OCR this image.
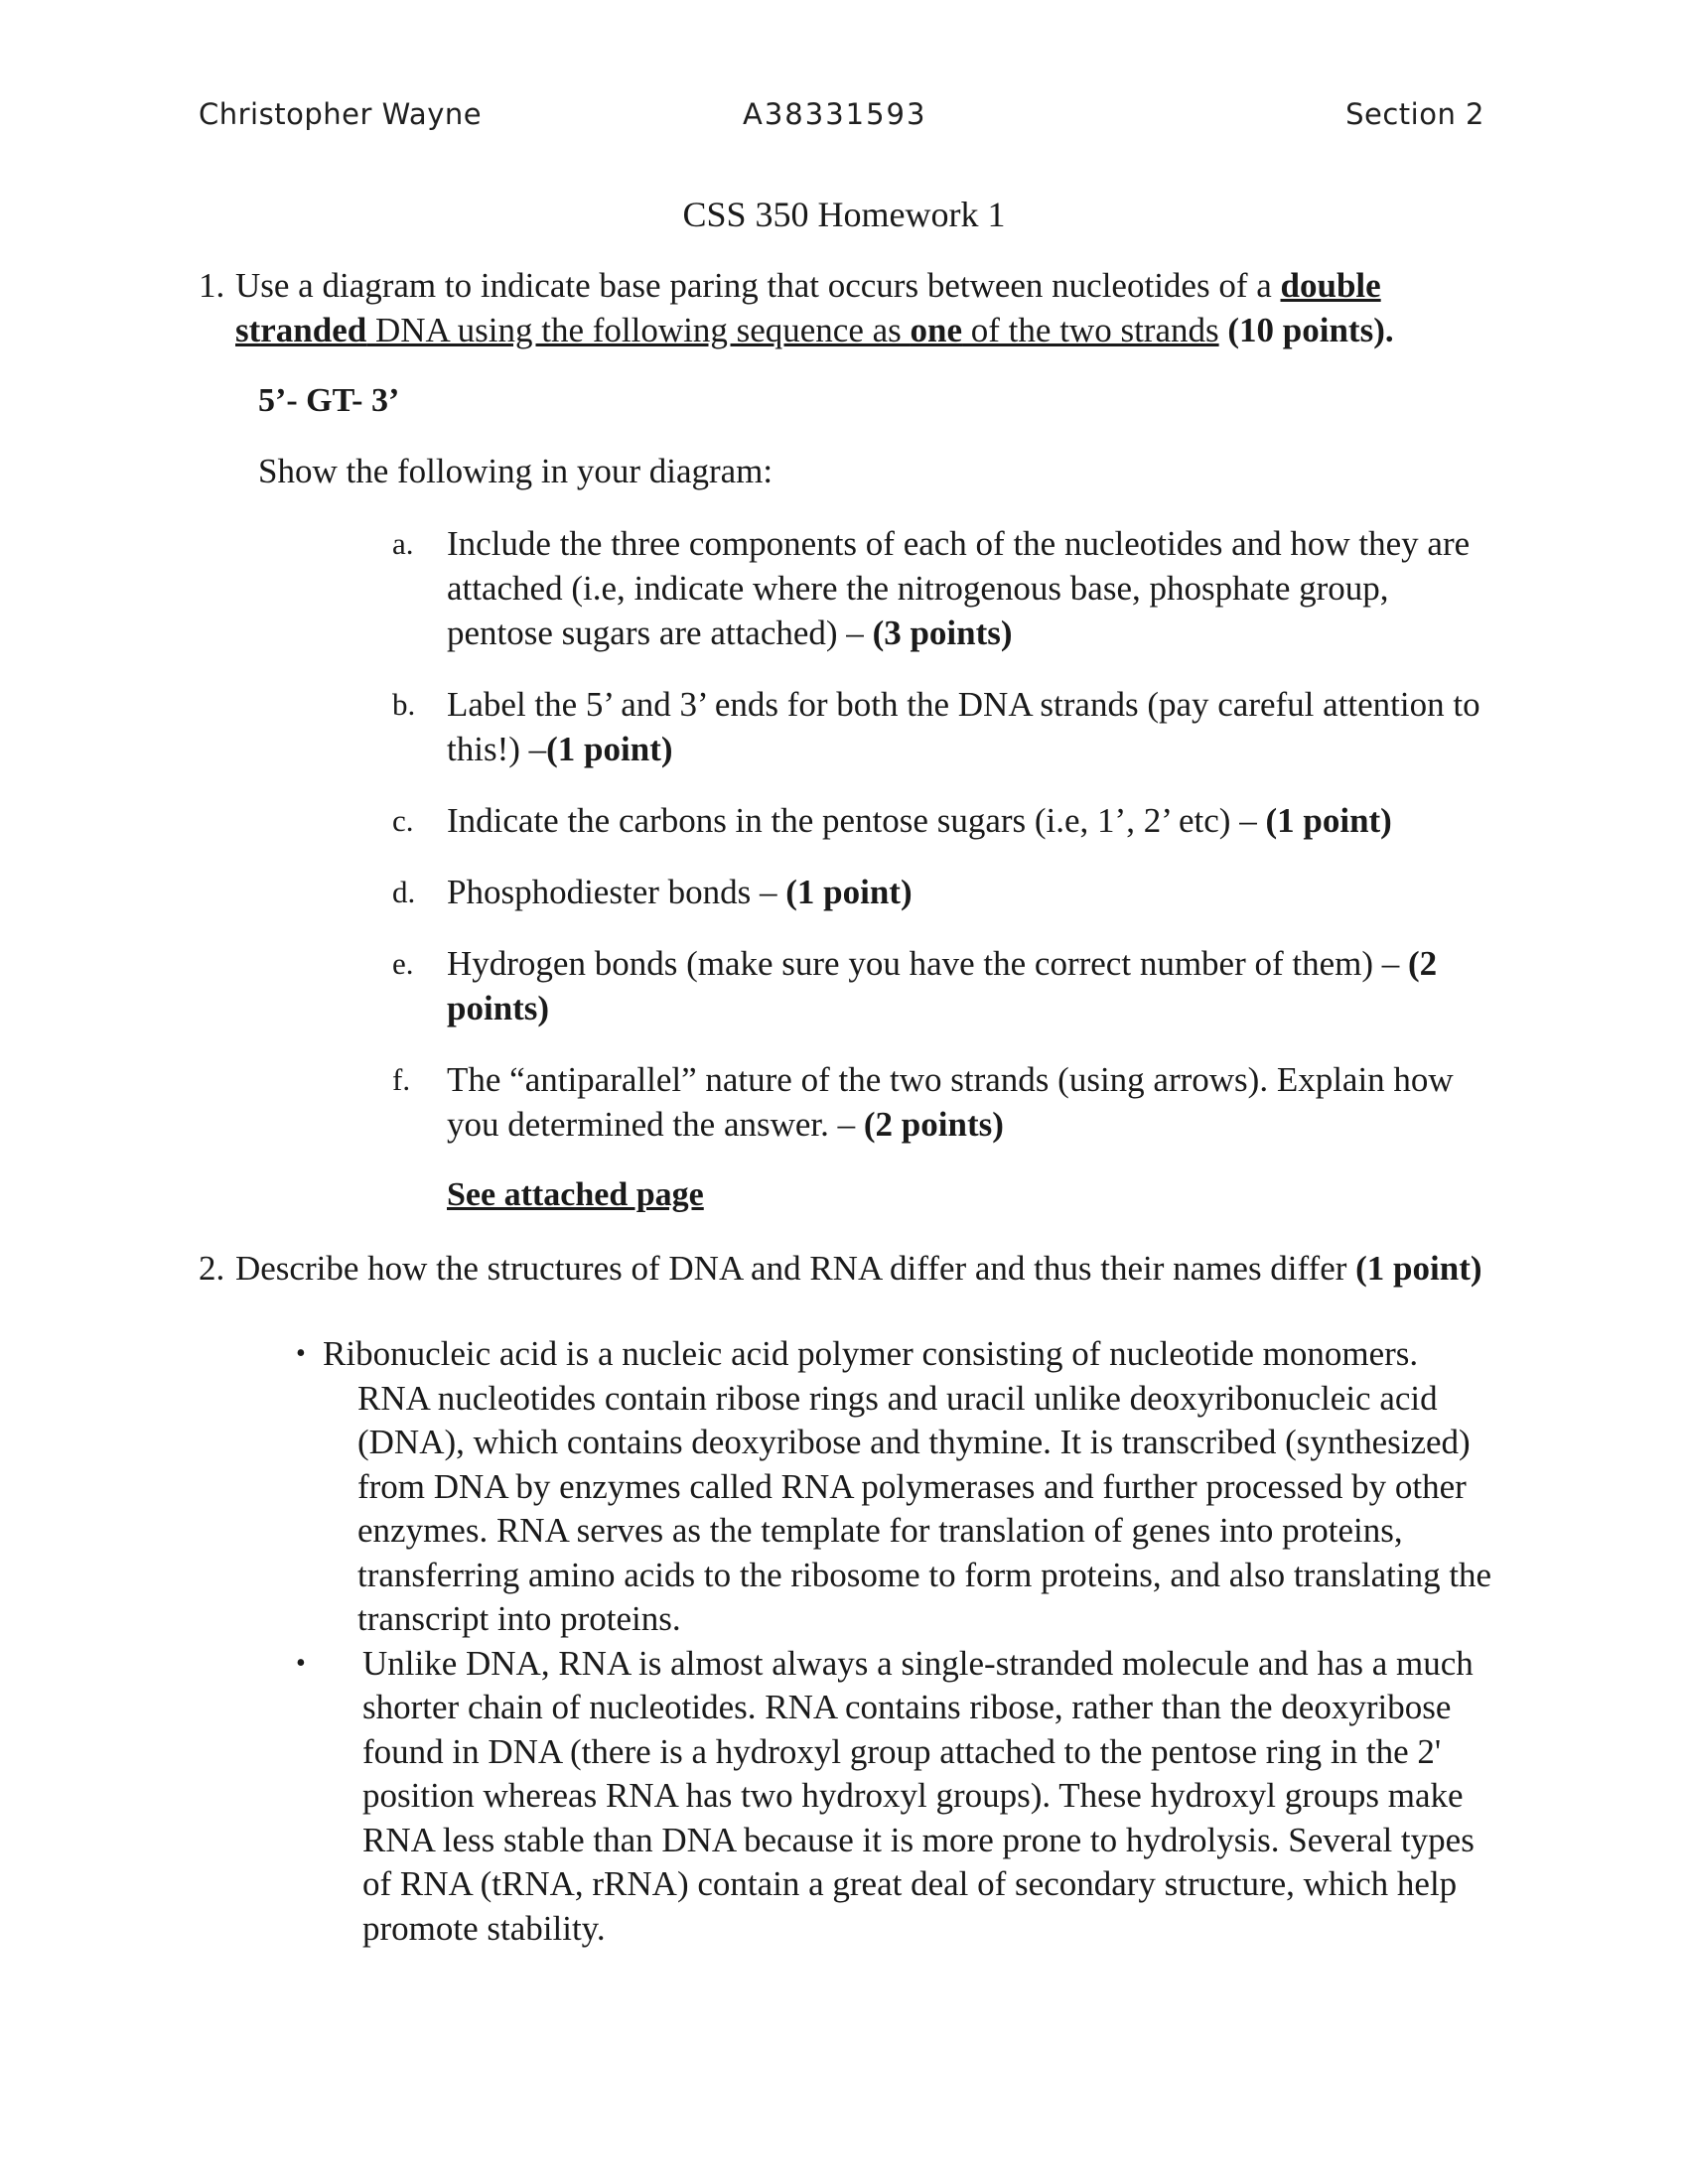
Christopher Wayne	A38331593	Section 2
CSS 350 Homework 1
1. Use a diagram to indicate base paring that occurs between nucleotides of a double stranded DNA using the following sequence as one of the two strands (10 points).
5’- GT- 3’
Show the following in your diagram:
a. Include the three components of each of the nucleotides and how they are attached (i.e, indicate where the nitrogenous base, phosphate group, pentose sugars are attached) – (3 points)
b. Label the 5’ and 3’ ends for both the DNA strands (pay careful attention to this!) –(1 point)
c. Indicate the carbons in the pentose sugars (i.e, 1’, 2’ etc) – (1 point)
d. Phosphodiester bonds – (1 point)
e. Hydrogen bonds (make sure you have the correct number of them) – (2 points)
f. The “antiparallel” nature of the two strands (using arrows). Explain how you determined the answer. – (2 points)
See attached page
2. Describe how the structures of DNA and RNA differ and thus their names differ (1 point)
• Ribonucleic acid is a nucleic acid polymer consisting of nucleotide monomers.
RNA nucleotides contain ribose rings and uracil unlike deoxyribonucleic acid (DNA), which contains deoxyribose and thymine. It is transcribed (synthesized) from DNA by enzymes called RNA polymerases and further processed by other enzymes. RNA serves as the template for translation of genes into proteins, transferring amino acids to the ribosome to form proteins, and also translating the transcript into proteins.
• Unlike DNA, RNA is almost always a single-stranded molecule and has a much shorter chain of nucleotides. RNA contains ribose, rather than the deoxyribose found in DNA (there is a hydroxyl group attached to the pentose ring in the 2' position whereas RNA has two hydroxyl groups). These hydroxyl groups make RNA less stable than DNA because it is more prone to hydrolysis. Several types of RNA (tRNA, rRNA) contain a great deal of secondary structure, which help promote stability.
